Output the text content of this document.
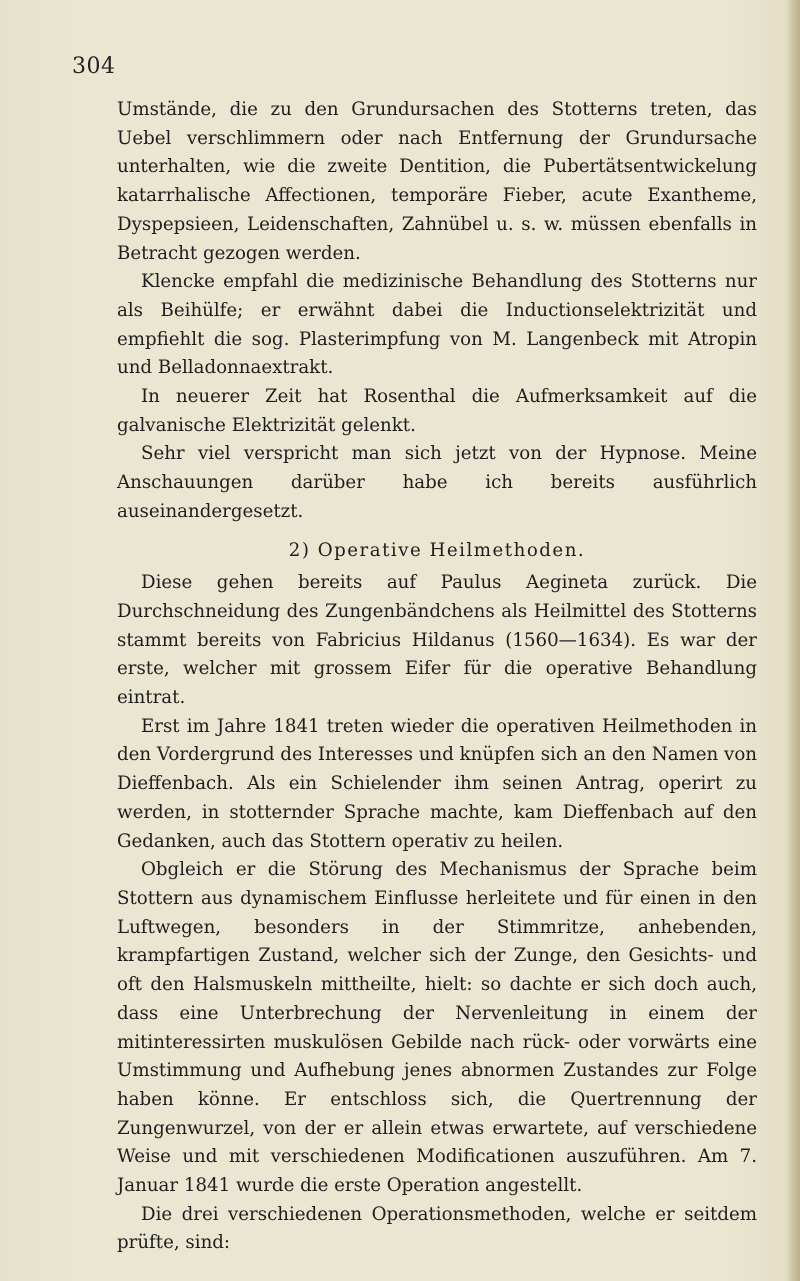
304

Umstände, die zu den Grundursachen des Stotterns treten, das Uebel verschlimmern oder nach Entfernung der Grundursache unterhalten, wie die zweite Dentition, die Pubertätsentwickelung katarrhalische Affectionen, temporäre Fieber, acute Exantheme, Dyspepsieen, Leidenschaften, Zahnübel u. s. w. müssen ebenfalls in Betracht gezogen werden.

Klencke empfahl die medizinische Behandlung des Stotterns nur als Beihülfe; er erwähnt dabei die Inductionselektrizität und empfiehlt die sog. Plasterimpfung von M. Langenbeck mit Atropin und Belladonnaextrakt.

In neuerer Zeit hat Rosenthal die Aufmerksamkeit auf die galvanische Elektrizität gelenkt.

Sehr viel verspricht man sich jetzt von der Hypnose. Meine Anschauungen darüber habe ich bereits ausführlich auseinandergesetzt.

2) Operative Heilmethoden.

Diese gehen bereits auf Paulus Aegineta zurück. Die Durchschneidung des Zungenbändchens als Heilmittel des Stotterns stammt bereits von Fabricius Hildanus (1560—1634). Es war der erste, welcher mit grossem Eifer für die operative Behandlung eintrat.

Erst im Jahre 1841 treten wieder die operativen Heilmethoden in den Vordergrund des Interesses und knüpfen sich an den Namen von Dieffenbach. Als ein Schielender ihm seinen Antrag, operirt zu werden, in stotternder Sprache machte, kam Dieffenbach auf den Gedanken, auch das Stottern operativ zu heilen.

Obgleich er die Störung des Mechanismus der Sprache beim Stottern aus dynamischem Einflusse herleitete und für einen in den Luftwegen, besonders in der Stimmritze, anhebenden, krampfartigen Zustand, welcher sich der Zunge, den Gesichts- und oft den Halsmuskeln mittheilte, hielt: so dachte er sich doch auch, dass eine Unterbrechung der Nervenleitung in einem der mitinteressirten muskulösen Gebilde nach rück- oder vorwärts eine Umstimmung und Aufhebung jenes abnormen Zustandes zur Folge haben könne. Er entschloss sich, die Quertrennung der Zungenwurzel, von der er allein etwas erwartete, auf verschiedene Weise und mit verschiedenen Modificationen auszuführen. Am 7. Januar 1841 wurde die erste Operation angestellt.

Die drei verschiedenen Operationsmethoden, welche er seitdem prüfte, sind:
